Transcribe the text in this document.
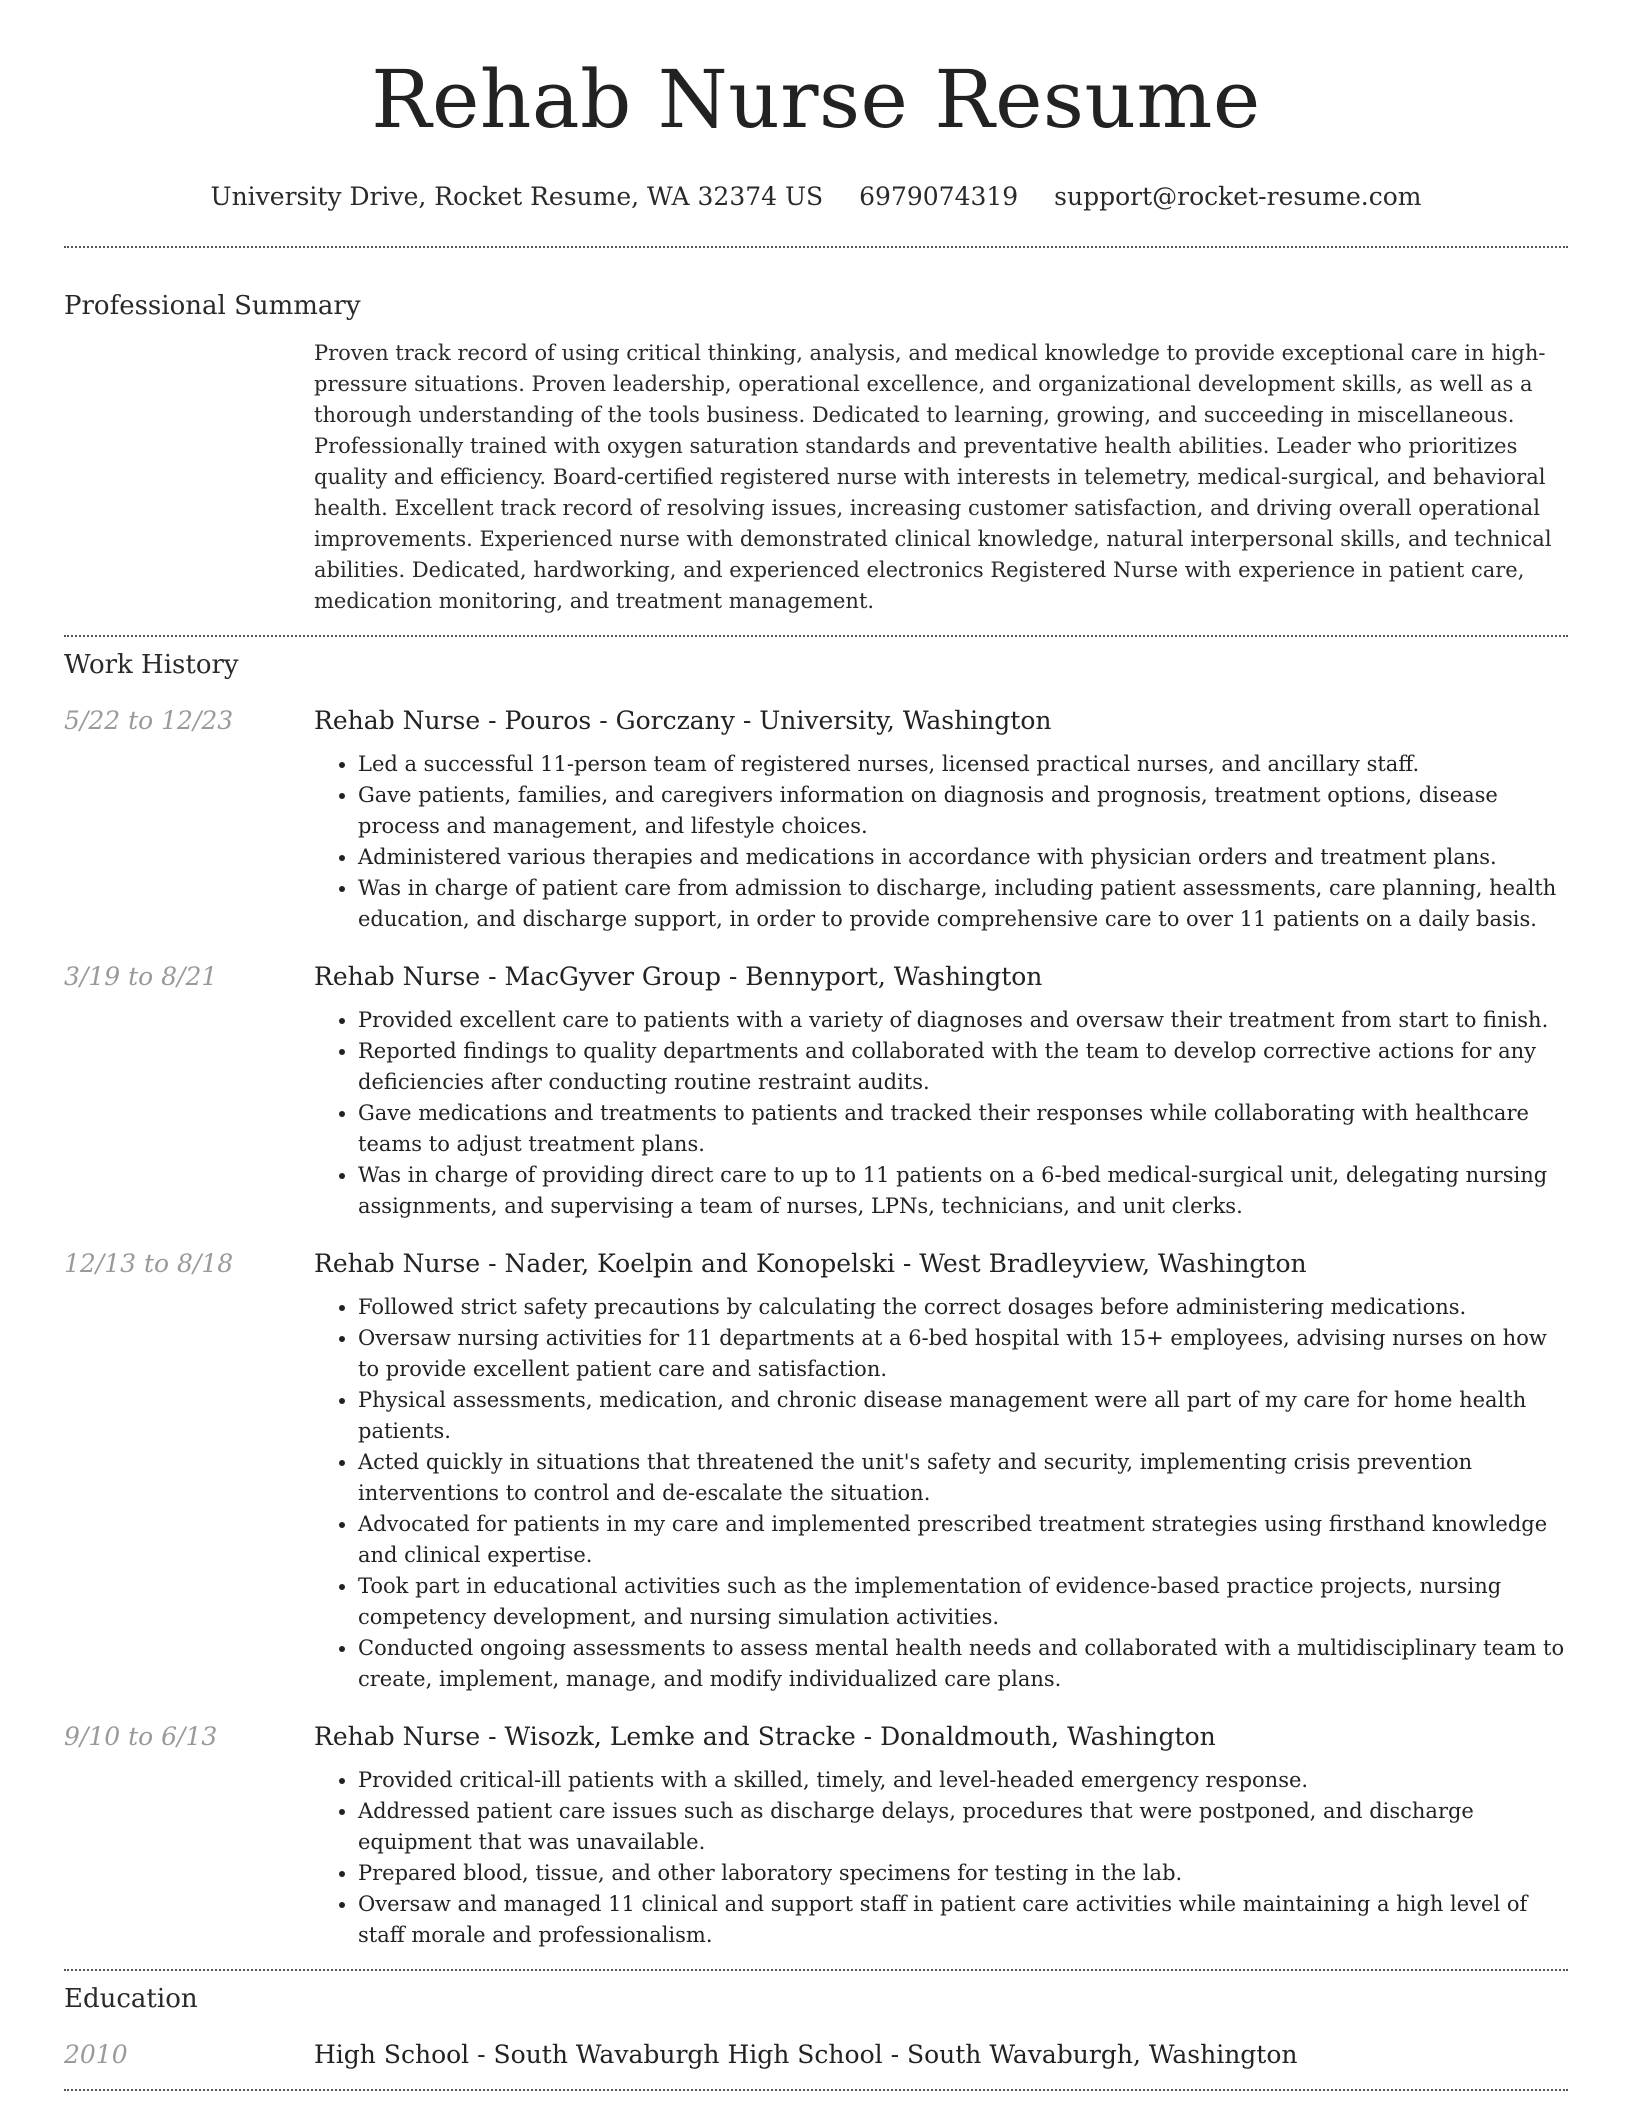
Rehab Nurse Resume
University Drive, Rocket Resume, WA 32374 US 6979074319 support@rocket-resume.com
Professional Summary

Proven track record of using critical thinking, analysis, and medical knowledge to provide exceptional care in high-pressure situations. Proven leadership, operational excellence, and organizational development skills, as well as a thorough understanding of the tools business. Dedicated to learning, growing, and succeeding in miscellaneous. Professionally trained with oxygen saturation standards and preventative health abilities. Leader who prioritizes quality and efficiency. Board-certified registered nurse with interests in telemetry, medical-surgical, and behavioral health. Excellent track record of resolving issues, increasing customer satisfaction, and driving overall operational improvements. Experienced nurse with demonstrated clinical knowledge, natural interpersonal skills, and technical abilities. Dedicated, hardworking, and experienced electronics Registered Nurse with experience in patient care, medication monitoring, and treatment management.

Work History
5/22 to 12/23	Rehab Nurse - Pouros - Gorczany - University, Washington
• Led a successful 11-person team of registered nurses, licensed practical nurses, and ancillary staff.
• Gave patients, families, and caregivers information on diagnosis and prognosis, treatment options, disease process and management, and lifestyle choices.
• Administered various therapies and medications in accordance with physician orders and treatment plans.
• Was in charge of patient care from admission to discharge, including patient assessments, care planning, health education, and discharge support, in order to provide comprehensive care to over 11 patients on a daily basis.
3/19 to 8/21	Rehab Nurse - MacGyver Group - Bennyport, Washington
• Provided excellent care to patients with a variety of diagnoses and oversaw their treatment from start to finish.
• Reported findings to quality departments and collaborated with the team to develop corrective actions for any deficiencies after conducting routine restraint audits.
• Gave medications and treatments to patients and tracked their responses while collaborating with healthcare teams to adjust treatment plans.
• Was in charge of providing direct care to up to 11 patients on a 6-bed medical-surgical unit, delegating nursing assignments, and supervising a team of nurses, LPNs, technicians, and unit clerks.
12/13 to 8/18	Rehab Nurse - Nader, Koelpin and Konopelski - West Bradleyview, Washington
• Followed strict safety precautions by calculating the correct dosages before administering medications.
• Oversaw nursing activities for 11 departments at a 6-bed hospital with 15+ employees, advising nurses on how to provide excellent patient care and satisfaction.
• Physical assessments, medication, and chronic disease management were all part of my care for home health patients.
• Acted quickly in situations that threatened the unit's safety and security, implementing crisis prevention interventions to control and de-escalate the situation.
• Advocated for patients in my care and implemented prescribed treatment strategies using firsthand knowledge and clinical expertise.
• Took part in educational activities such as the implementation of evidence-based practice projects, nursing competency development, and nursing simulation activities.
• Conducted ongoing assessments to assess mental health needs and collaborated with a multidisciplinary team to create, implement, manage, and modify individualized care plans.
9/10 to 6/13	Rehab Nurse - Wisozk, Lemke and Stracke - Donaldmouth, Washington
• Provided critical-ill patients with a skilled, timely, and level-headed emergency response.
• Addressed patient care issues such as discharge delays, procedures that were postponed, and discharge equipment that was unavailable.
• Prepared blood, tissue, and other laboratory specimens for testing in the lab.
• Oversaw and managed 11 clinical and support staff in patient care activities while maintaining a high level of staff morale and professionalism.
Education
2010	High School - South Wavaburgh High School - South Wavaburgh, Washington
